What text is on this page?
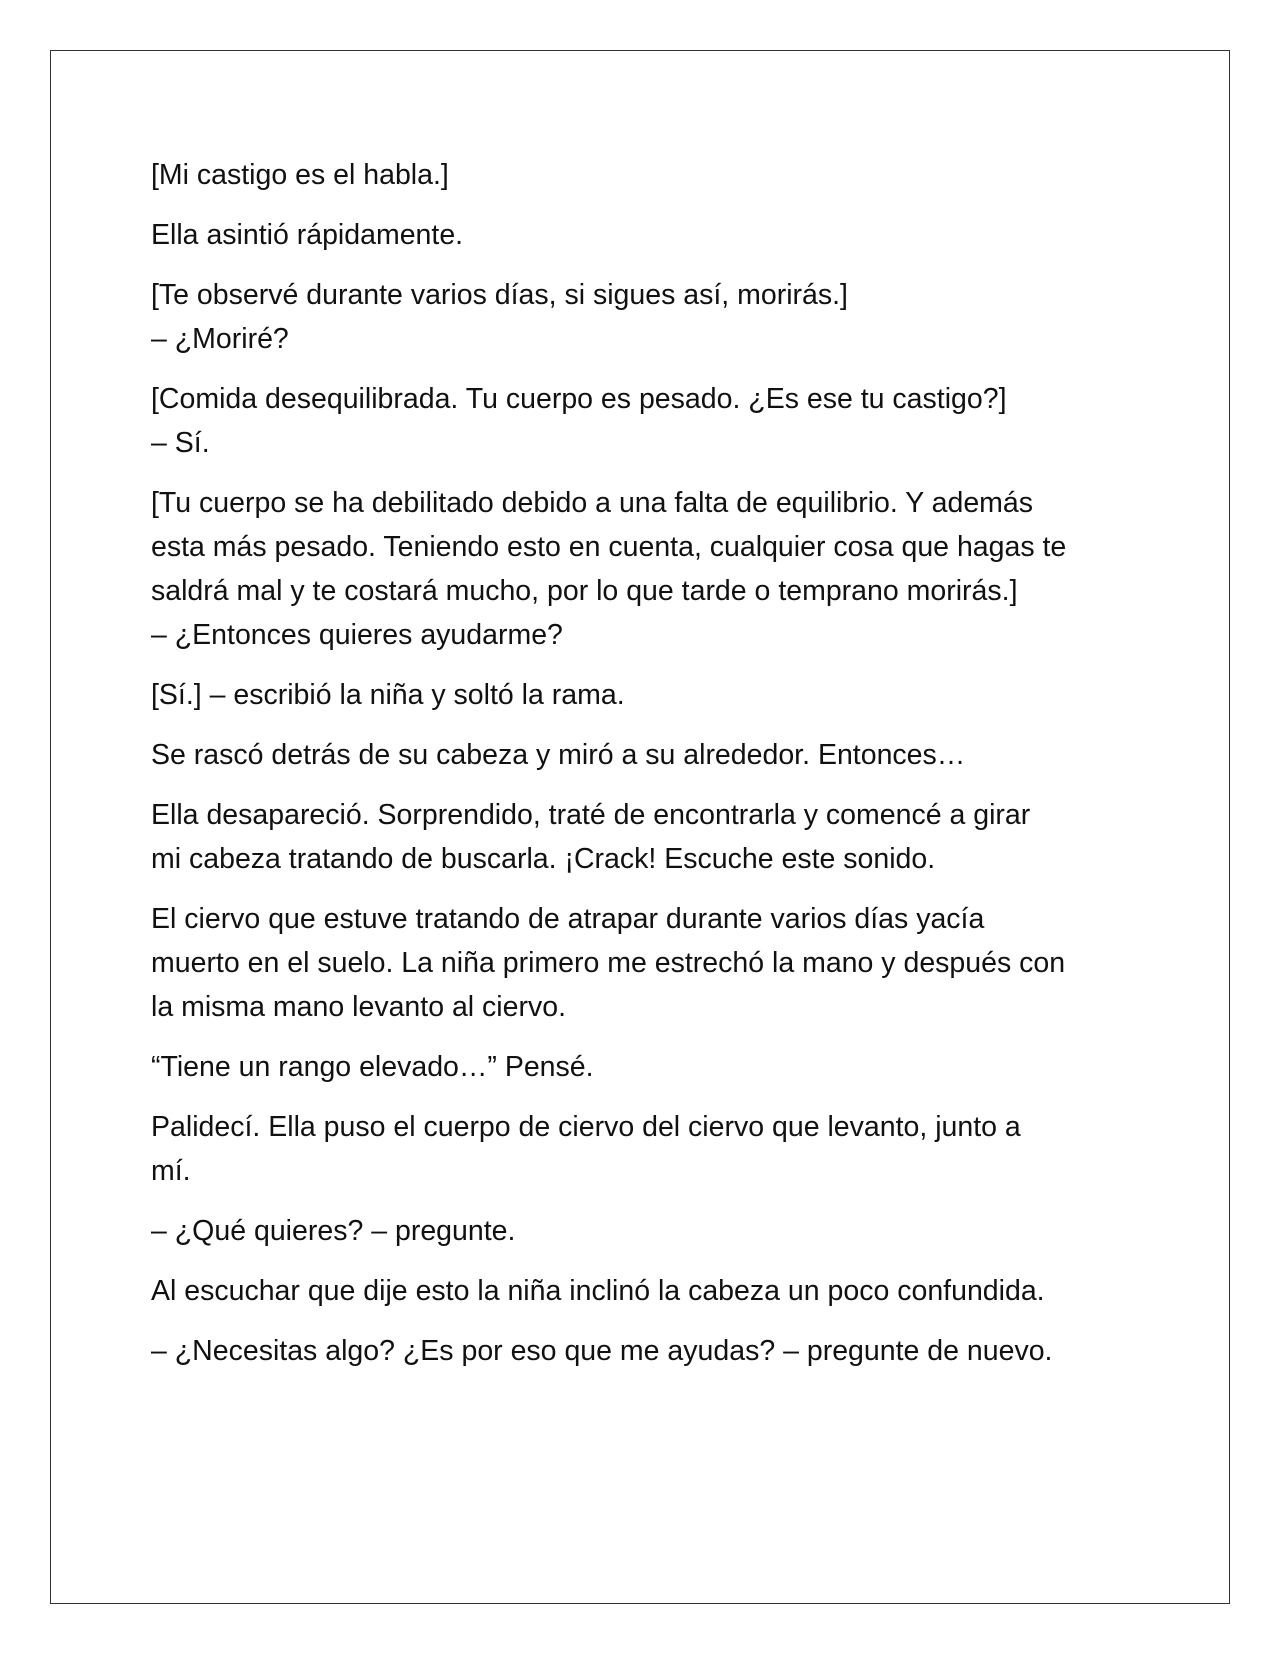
[Mi castigo es el habla.]

Ella asintió rápidamente.

[Te observé durante varios días, si sigues así, morirás.]
– ¿Moriré?

[Comida desequilibrada. Tu cuerpo es pesado. ¿Es ese tu castigo?]
– Sí.

[Tu cuerpo se ha debilitado debido a una falta de equilibrio. Y además
esta más pesado. Teniendo esto en cuenta, cualquier cosa que hagas te
saldrá mal y te costará mucho, por lo que tarde o temprano morirás.]
– ¿Entonces quieres ayudarme?

[Sí.] – escribió la niña y soltó la rama.

Se rascó detrás de su cabeza y miró a su alrededor. Entonces…

Ella desapareció. Sorprendido, traté de encontrarla y comencé a girar
mi cabeza tratando de buscarla. ¡Crack! Escuche este sonido.

El ciervo que estuve tratando de atrapar durante varios días yacía
muerto en el suelo. La niña primero me estrechó la mano y después con
la misma mano levanto al ciervo.

“Tiene un rango elevado…” Pensé.

Palidecí. Ella puso el cuerpo de ciervo del ciervo que levanto, junto a
mí.

– ¿Qué quieres? – pregunte.

Al escuchar que dije esto la niña inclinó la cabeza un poco confundida.

– ¿Necesitas algo? ¿Es por eso que me ayudas? – pregunte de nuevo.
